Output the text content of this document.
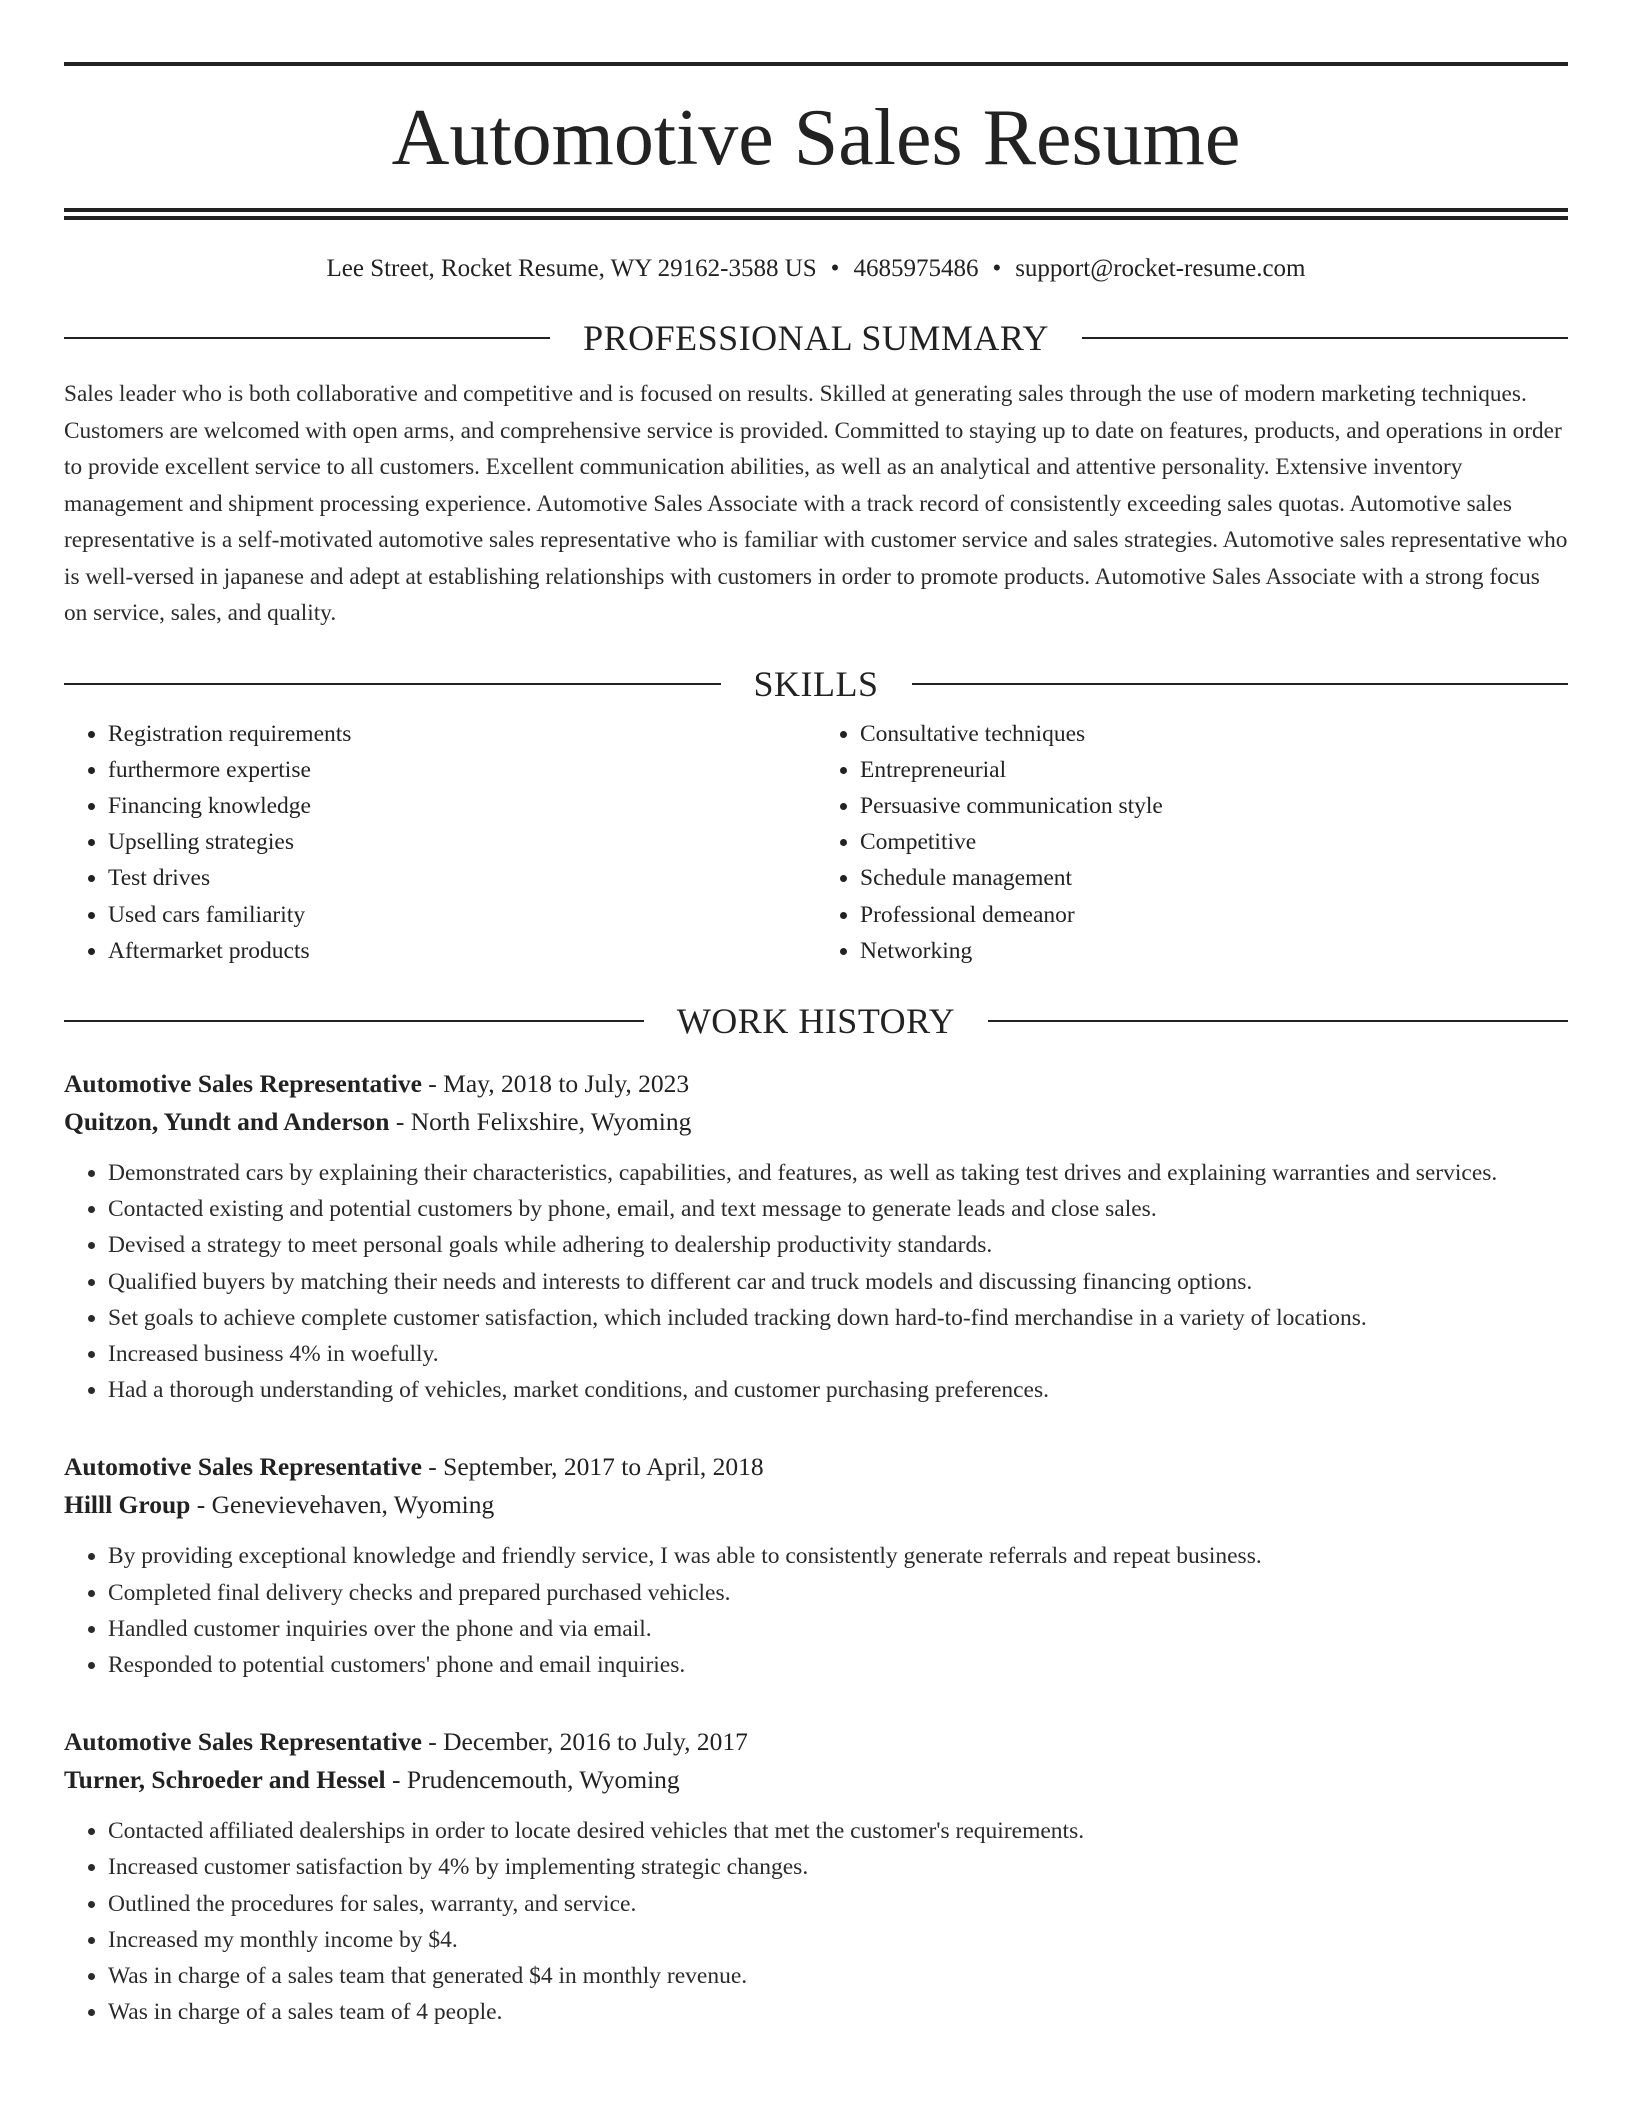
Automotive Sales Resume
Lee Street, Rocket Resume, WY 29162-3588 US • 4685975486 • support@rocket-resume.com
PROFESSIONAL SUMMARY
Sales leader who is both collaborative and competitive and is focused on results. Skilled at generating sales through the use of modern marketing techniques. Customers are welcomed with open arms, and comprehensive service is provided. Committed to staying up to date on features, products, and operations in order to provide excellent service to all customers. Excellent communication abilities, as well as an analytical and attentive personality. Extensive inventory management and shipment processing experience. Automotive Sales Associate with a track record of consistently exceeding sales quotas. Automotive sales representative is a self-motivated automotive sales representative who is familiar with customer service and sales strategies. Automotive sales representative who is well-versed in japanese and adept at establishing relationships with customers in order to promote products. Automotive Sales Associate with a strong focus on service, sales, and quality.
SKILLS
• Registration requirements
• furthermore expertise
• Financing knowledge
• Upselling strategies
• Test drives
• Used cars familiarity
• Aftermarket products
• Consultative techniques
• Entrepreneurial
• Persuasive communication style
• Competitive
• Schedule management
• Professional demeanor
• Networking
WORK HISTORY
Automotive Sales Representative - May, 2018 to July, 2023
Quitzon, Yundt and Anderson - North Felixshire, Wyoming
• Demonstrated cars by explaining their characteristics, capabilities, and features, as well as taking test drives and explaining warranties and services.
• Contacted existing and potential customers by phone, email, and text message to generate leads and close sales.
• Devised a strategy to meet personal goals while adhering to dealership productivity standards.
• Qualified buyers by matching their needs and interests to different car and truck models and discussing financing options.
• Set goals to achieve complete customer satisfaction, which included tracking down hard-to-find merchandise in a variety of locations.
• Increased business 4% in woefully.
• Had a thorough understanding of vehicles, market conditions, and customer purchasing preferences.
Automotive Sales Representative - September, 2017 to April, 2018
Hilll Group - Genevievehaven, Wyoming
• By providing exceptional knowledge and friendly service, I was able to consistently generate referrals and repeat business.
• Completed final delivery checks and prepared purchased vehicles.
• Handled customer inquiries over the phone and via email.
• Responded to potential customers' phone and email inquiries.
Automotive Sales Representative - December, 2016 to July, 2017
Turner, Schroeder and Hessel - Prudencemouth, Wyoming
• Contacted affiliated dealerships in order to locate desired vehicles that met the customer's requirements.
• Increased customer satisfaction by 4% by implementing strategic changes.
• Outlined the procedures for sales, warranty, and service.
• Increased my monthly income by $4.
• Was in charge of a sales team that generated $4 in monthly revenue.
• Was in charge of a sales team of 4 people.
